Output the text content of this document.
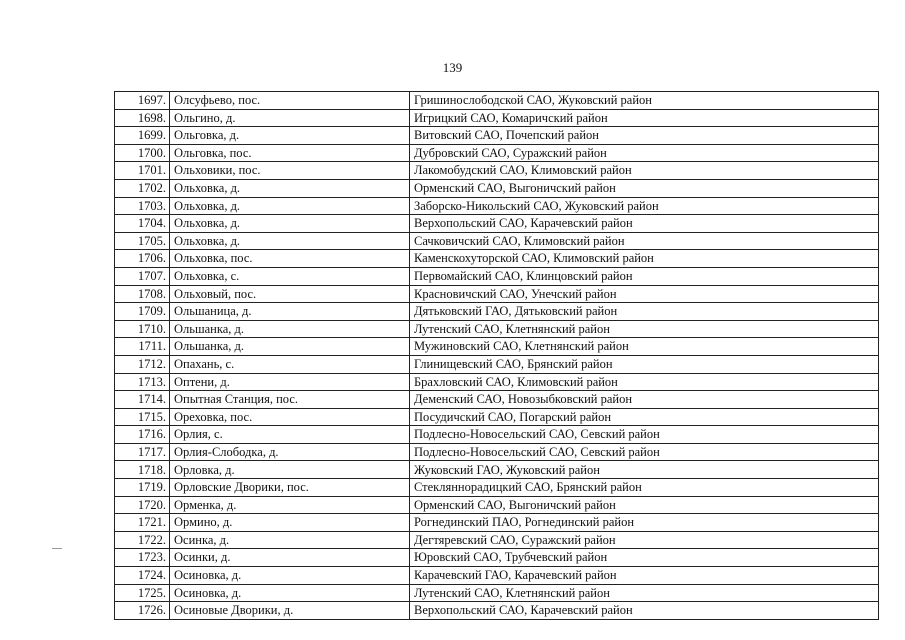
139
1697.	Олсуфьево, пос.	Гришинослободской САО, Жуковский район
1698.	Ольгино, д.	Игрицкий САО, Комаричский район
1699.	Ольговка, д.	Витовский САО, Почепский район
1700.	Ольговка, пос.	Дубровский САО, Суражский район
1701.	Ольховики, пос.	Лакомобудский САО, Климовский район
1702.	Ольховка, д.	Орменский САО, Выгоничский район
1703.	Ольховка, д.	Заборско-Никольский САО, Жуковский район
1704.	Ольховка, д.	Верхопольский САО, Карачевский район
1705.	Ольховка, д.	Сачковичский САО, Климовский район
1706.	Ольховка, пос.	Каменскохуторской САО, Климовский район
1707.	Ольховка, с.	Первомайский САО, Клинцовский район
1708.	Ольховый, пос.	Красновичский САО, Унечский район
1709.	Ольшаница, д.	Дятьковский ГАО, Дятьковский район
1710.	Ольшанка, д.	Лутенский САО, Клетнянский район
1711.	Ольшанка, д.	Мужиновский САО, Клетнянский район
1712.	Опахань, с.	Глинищевский САО, Брянский район
1713.	Оптени, д.	Брахловский САО, Климовский район
1714.	Опытная Станция, пос.	Деменский САО, Новозыбковский район
1715.	Ореховка, пос.	Посудичский САО, Погарский район
1716.	Орлия, с.	Подлесно-Новосельский САО, Севский район
1717.	Орлия-Слободка, д.	Подлесно-Новосельский САО, Севский район
1718.	Орловка, д.	Жуковский ГАО, Жуковский район
1719.	Орловские Дворики, пос.	Стекляннорадицкий САО, Брянский район
1720.	Орменка, д.	Орменский САО, Выгоничский район
1721.	Ормино, д.	Рогнединский ПАО, Рогнединский район
1722.	Осинка, д.	Дегтяревский САО, Суражский район
1723.	Осинки, д.	Юровский САО, Трубчевский район
1724.	Осиновка, д.	Карачевский ГАО, Карачевский район
1725.	Осиновка, д.	Лутенский САО, Клетнянский район
1726.	Осиновые Дворики, д.	Верхопольский САО, Карачевский район
